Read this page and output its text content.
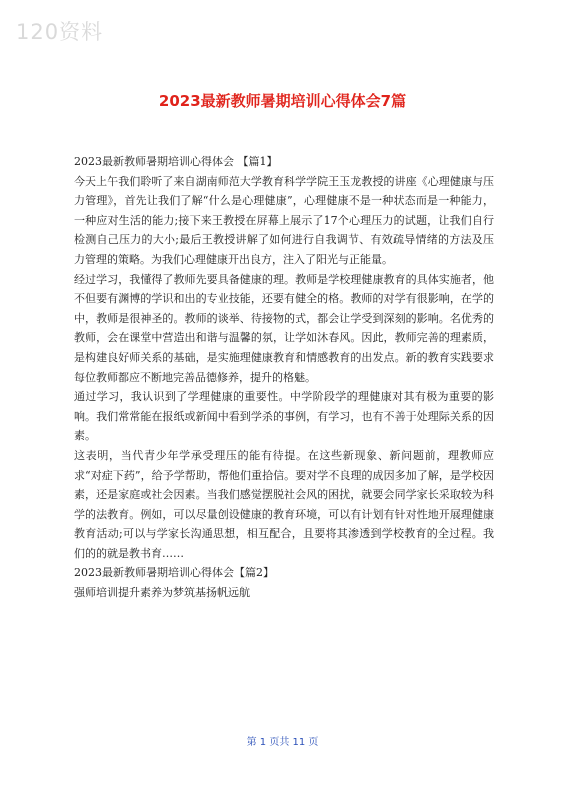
120资料
2023最新教师暑期培训心得体会7篇

2023最新教师暑期培训心得体会 【篇1】

今天上午我们聆听了来自湖南师范大学教育科学学院王玉龙教授的讲座《心理健康与压力管理》，首先让我们了解“什么是心理健康”，心理健康不是一种状态而是一种能力，一种应对生活的能力;接下来王教授在屏幕上展示了17个心理压力的试题，让我们自行检测自己压力的大小;最后王教授讲解了如何进行自我调节、有效疏导情绪的方法及压力管理的策略。为我们心理健康开出良方，注入了阳光与正能量。

经过学习，我懂得了教师先要具备健康的理。教师是学校理健康教育的具体实施者，他不但要有渊博的学识和出的专业技能，还要有健全的格。教师的对学有很影响，在学的中，教师是很神圣的。教师的谈举、待接物的式，都会让学受到深刻的影响。名优秀的教师，会在课堂中营造出和谐与温馨的氛，让学如沐春风。因此，教师完善的理素质，是构建良好师关系的基础，是实施理健康教育和情感教育的出发点。新的教育实践要求每位教师都应不断地完善品德修养，提升的格魅。

通过学习，我认识到了学理健康的重要性。中学阶段学的理健康对其有极为重要的影响。我们常常能在报纸或新闻中看到学杀的事例，有学习，也有不善于处理际关系的因素。

这表明，当代青少年学承受理压的能有待提。在这些新现象、新问题前，理教师应求“对症下药”，给予学帮助，帮他们重拾信。要对学不良理的成因多加了解，是学校因素，还是家庭或社会因素。当我们感觉摆脱社会风的困扰，就要会同学家长采取较为科学的法教育。例如，可以尽量创设健康的教育环境，可以有计划有针对性地开展理健康教育活动;可以与学家长沟通思想，相互配合，且要将其渗透到学校教育的全过程。我们的的就是教书育……

2023最新教师暑期培训心得体会【篇2】

强师培训提升素养为梦筑基扬帆远航

第 1 页共 11 页
